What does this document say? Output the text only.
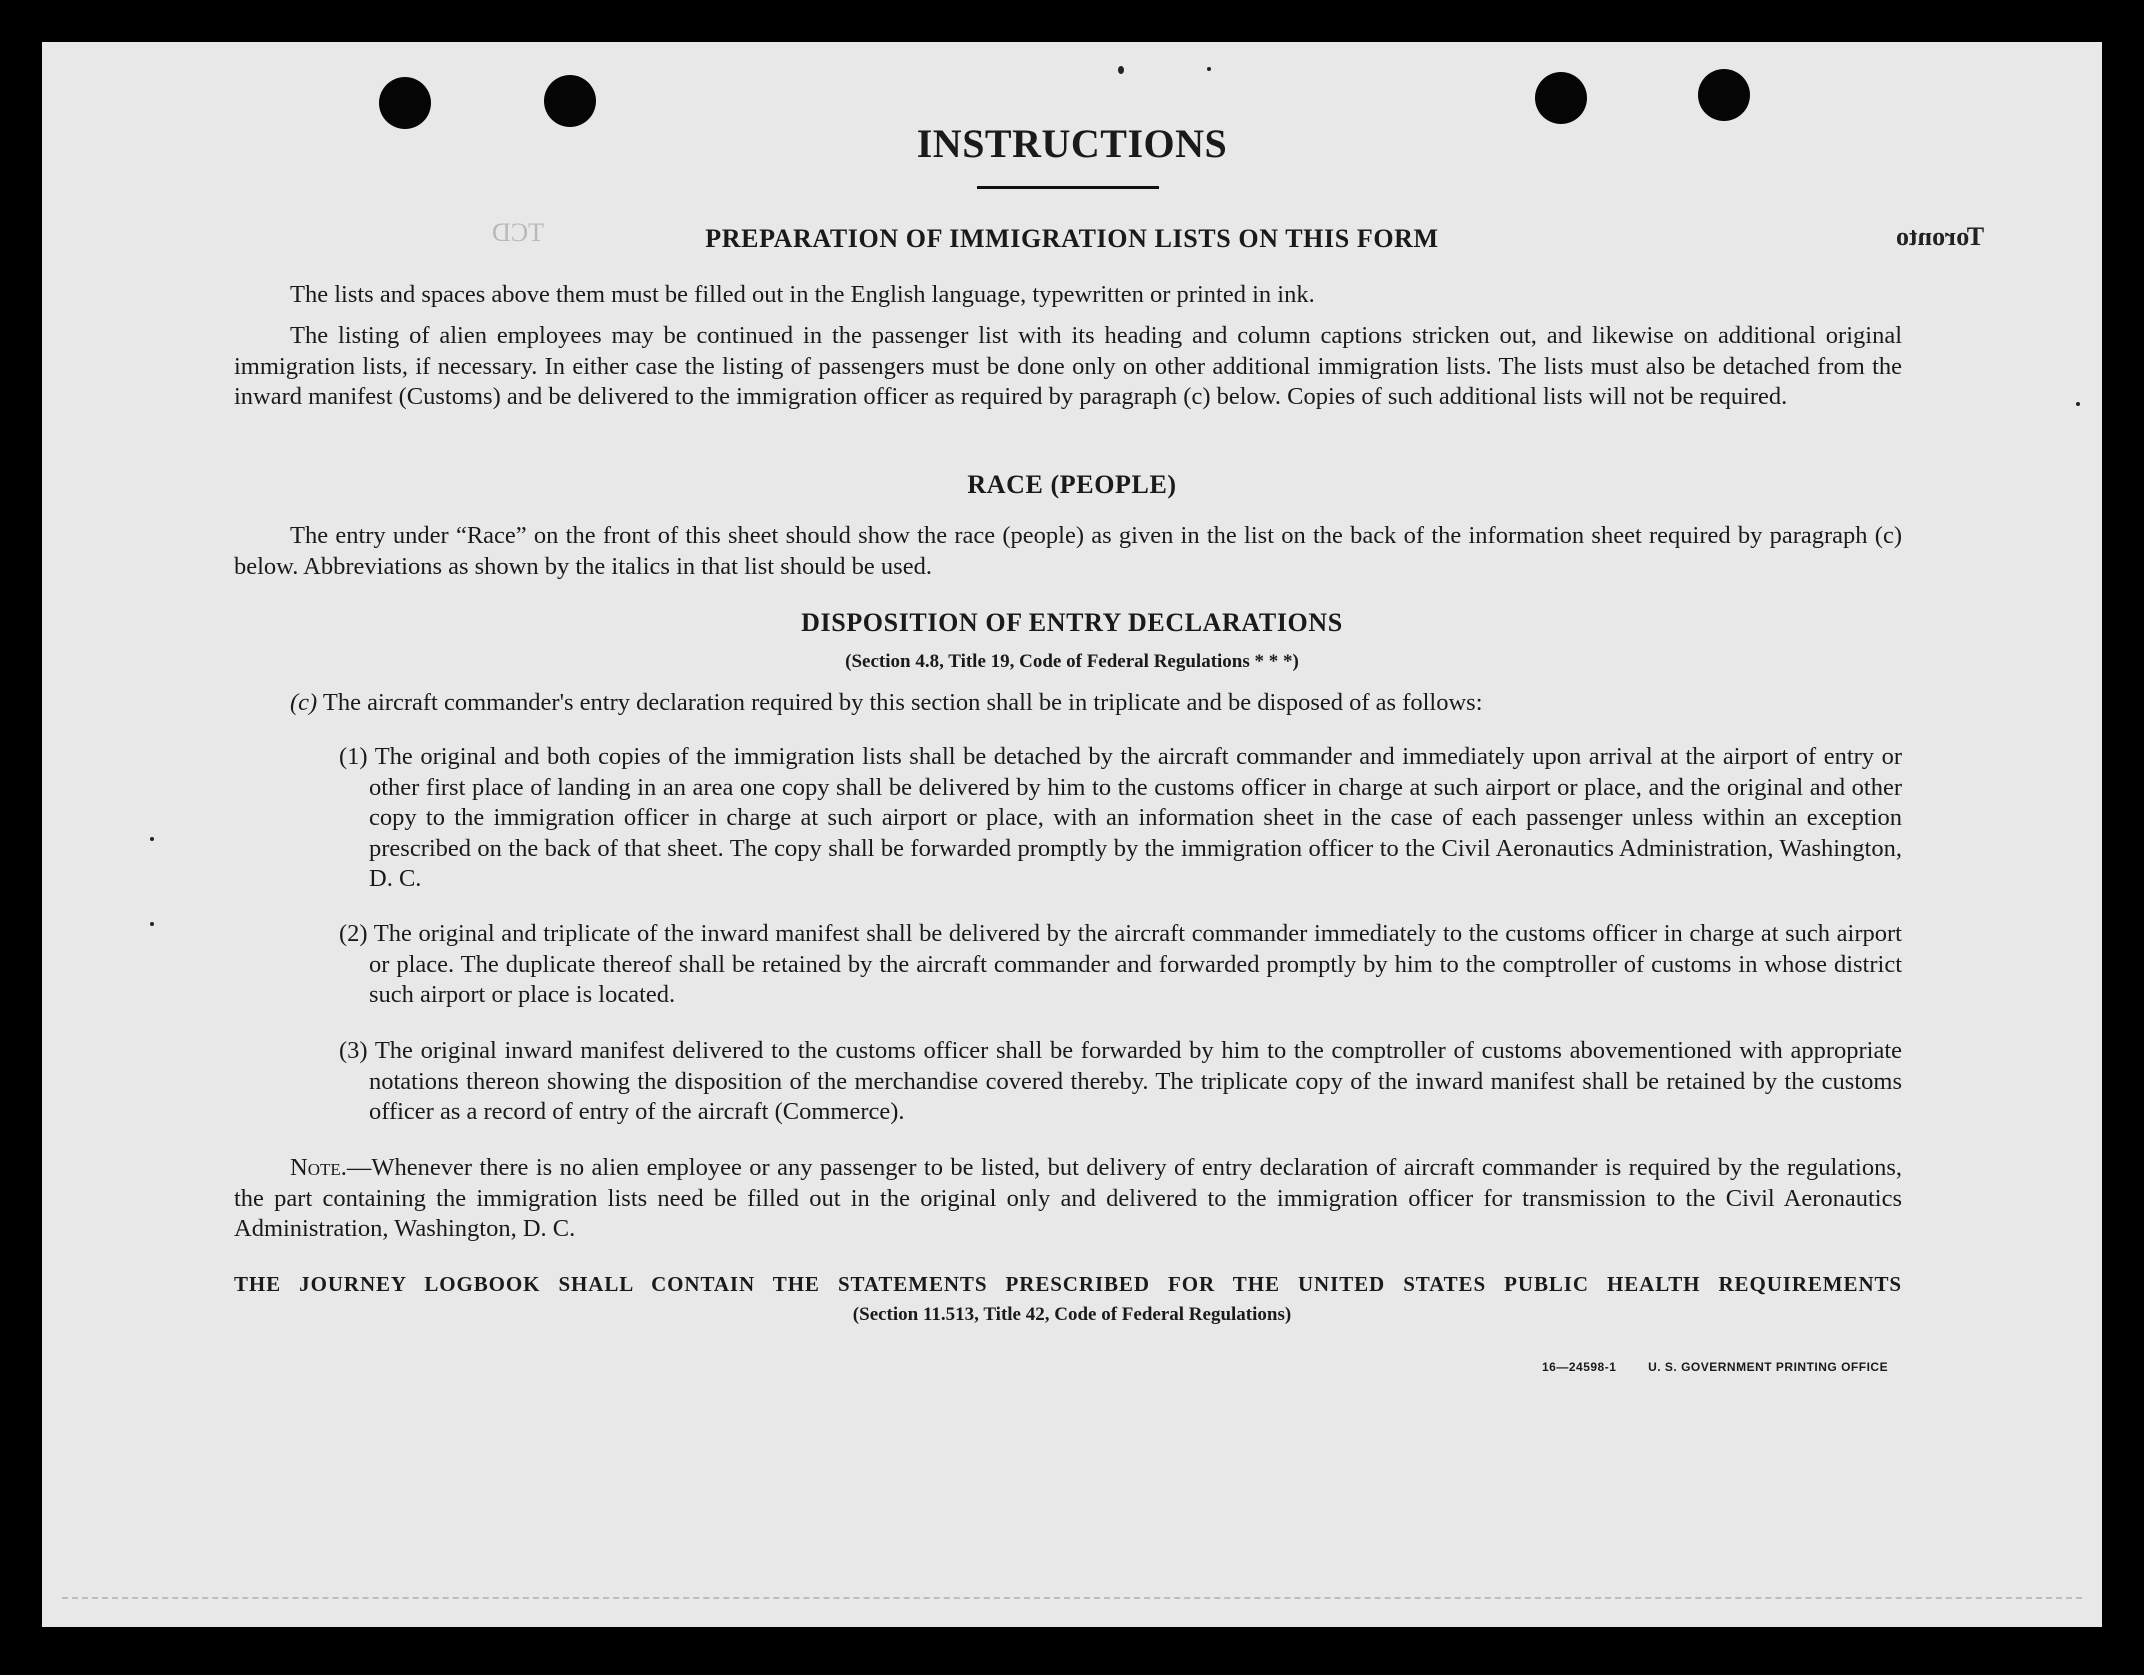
TCD	Toronto
INSTRUCTIONS
PREPARATION OF IMMIGRATION LISTS ON THIS FORM
The lists and spaces above them must be filled out in the English language, typewritten or printed in ink.
The listing of alien employees may be continued in the passenger list with its heading and column captions stricken out, and likewise on additional original immigration lists, if necessary. In either case the listing of passengers must be done only on other additional immigration lists. The lists must also be detached from the inward manifest (Customs) and be delivered to the immigration officer as required by paragraph (c) below. Copies of such additional lists will not be required.
RACE (PEOPLE)
The entry under “Race” on the front of this sheet should show the race (people) as given in the list on the back of the information sheet required by paragraph (c) below. Abbreviations as shown by the italics in that list should be used.
DISPOSITION OF ENTRY DECLARATIONS
(Section 4.8, Title 19, Code of Federal Regulations * * *)
(c) The aircraft commander's entry declaration required by this section shall be in triplicate and be disposed of as follows:
(1) The original and both copies of the immigration lists shall be detached by the aircraft commander and immediately upon arrival at the airport of entry or other first place of landing in an area one copy shall be delivered by him to the customs officer in charge at such airport or place, and the original and other copy to the immigration officer in charge at such airport or place, with an information sheet in the case of each passenger unless within an exception prescribed on the back of that sheet. The copy shall be forwarded promptly by the immigration officer to the Civil Aeronautics Administration, Washington, D. C.
(2) The original and triplicate of the inward manifest shall be delivered by the aircraft commander immediately to the customs officer in charge at such airport or place. The duplicate thereof shall be retained by the aircraft commander and forwarded promptly by him to the comptroller of customs in whose district such airport or place is located.
(3) The original inward manifest delivered to the customs officer shall be forwarded by him to the comptroller of customs abovementioned with appropriate notations thereon showing the disposition of the merchandise covered thereby. The triplicate copy of the inward manifest shall be retained by the customs officer as a record of entry of the aircraft (Commerce).
Note.—Whenever there is no alien employee or any passenger to be listed, but delivery of entry declaration of aircraft commander is required by the regulations, the part containing the immigration lists need be filled out in the original only and delivered to the immigration officer for transmission to the Civil Aeronautics Administration, Washington, D. C.
THE JOURNEY LOGBOOK SHALL CONTAIN THE STATEMENTS PRESCRIBED FOR THE UNITED STATES PUBLIC HEALTH REQUIREMENTS
(Section 11.513, Title 42, Code of Federal Regulations)
16—24598-1	U. S. GOVERNMENT PRINTING OFFICE
